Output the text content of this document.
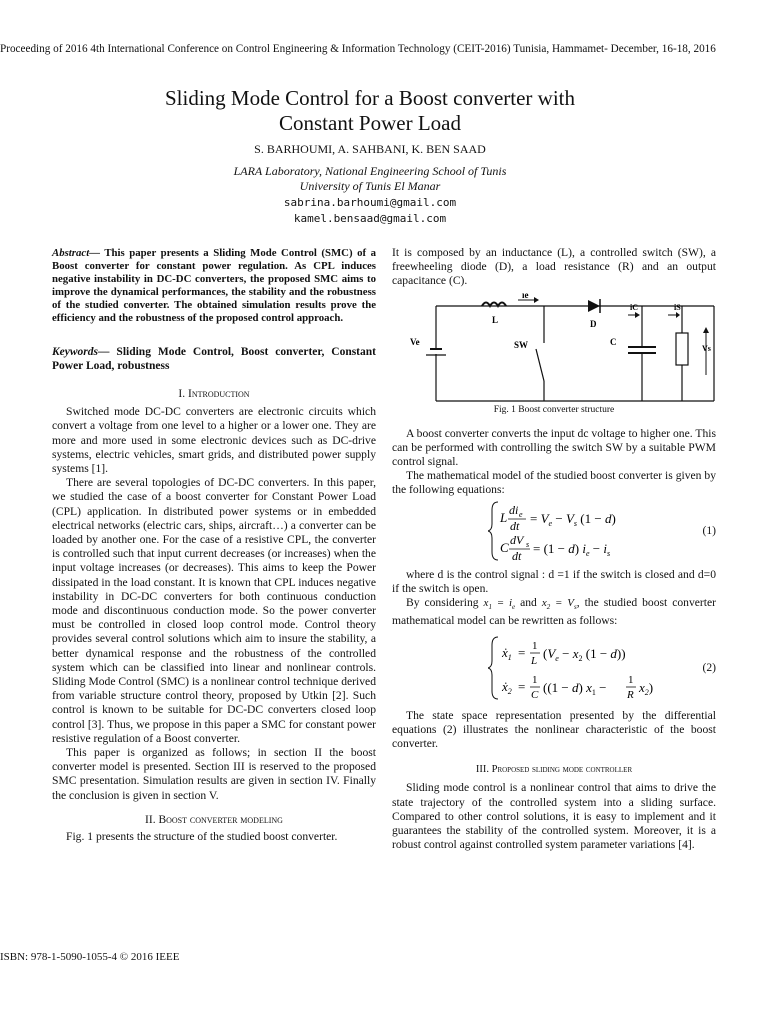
Proceeding of 2016 4th International Conference on Control Engineering & Information Technology (CEIT-2016) Tunisia, Hammamet- December, 16-18, 2016
Sliding Mode Control for a Boost converter with
Constant Power Load
S. BARHOUMI, A. SAHBANI, K. BEN SAAD
LARA Laboratory, National Engineering School of Tunis
University of Tunis El Manar
sabrina.barhoumi@gmail.com
kamel.bensaad@gmail.com

Abstract— This paper presents a Sliding Mode Control (SMC) of a Boost converter for constant power regulation. As CPL induces negative instability in DC-DC converters, the proposed SMC aims to improve the dynamical performances, the stability and the robustness of the studied converter. The obtained simulation results prove the efficiency and the robustness of the proposed control approach.

Keywords— Sliding Mode Control, Boost converter, Constant Power Load, robustness

I. Introduction

Switched mode DC-DC converters are electronic circuits which convert a voltage from one level to a higher or a lower one. They are more and more used in some electronic devices such as DC-drive systems, electric vehicles, smart grids, and distributed power supply systems [1].

There are several topologies of DC-DC converters. In this paper, we studied the case of a boost converter for Constant Power Load (CPL) application. In distributed power systems or in embedded electrical networks (electric cars, ships, aircraft…) a converter can be loaded by another one. For the case of a resistive CPL, the converter is controlled such that input current decreases (or increases) when the input voltage increases (or decreases). This aims to keep the Power dissipated in the load constant. It is known that CPL induces negative instability in DC-DC converters for both continuous conduction mode and discontinuous conduction mode. So the power converter must be controlled in closed loop control mode. Control theory provides several control solutions which aim to insure the stability, a better dynamical response and the robustness of the controlled system which can be classified into linear and nonlinear controls. Sliding Mode Control (SMC) is a nonlinear control technique derived from variable structure control theory, proposed by Utkin [2]. Such control is known to be suitable for DC-DC converters closed loop control [3]. Thus, we propose in this paper a SMC for constant power resistive regulation of a Boost converter.

This paper is organized as follows; in section II the boost converter model is presented. Section III is reserved to the proposed SMC presentation. Simulation results are given in section IV. Finally the conclusion is given in section V.

II. Boost converter modeling

Fig. 1 presents the structure of the studied boost converter.

It is composed by an inductance (L), a controlled switch (SW), a freewheeling diode (D), a load resistance (R) and an output capacitance (C).

ie
L	D
iC	iS
Ve	SW	C
Vs
Fig. 1 Boost converter structure

A boost converter converts the input dc voltage to higher one. This can be performed with controlling the switch SW by a suitable PWM control signal.

The mathematical model of the studied boost converter is given by the following equations:

L di e
dt = $V_e - V_s$ (1 − d)
C dV s
dt = (1 − d) $i_e - i_s$
(1)

where d is the control signal : d =1 if the switch is closed and d=0 if the switch is open.

By considering $x_1 = i_e$ and $x_2 = V_s$, the studied boost converter mathematical model can be rewritten as follows:

ẋ$_1$ = 1
L ($V_e - x_2$ (1 − d))
ẋ$_2$ = 1
C ((1 − d) $x_1 - 1$
R $x_2$)
(2)

The state space representation presented by the differential equations (2) illustrates the nonlinear characteristic of the boost converter.

III. Proposed sliding mode controller

Sliding mode control is a nonlinear control that aims to drive the state trajectory of the controlled system into a sliding surface. Compared to other control solutions, it is easy to implement and it guarantees the stability of the controlled system. Moreover, it is a robust control against controlled system parameter variations [4].

ISBN: 978-1-5090-1055-4 © 2016 IEEE
